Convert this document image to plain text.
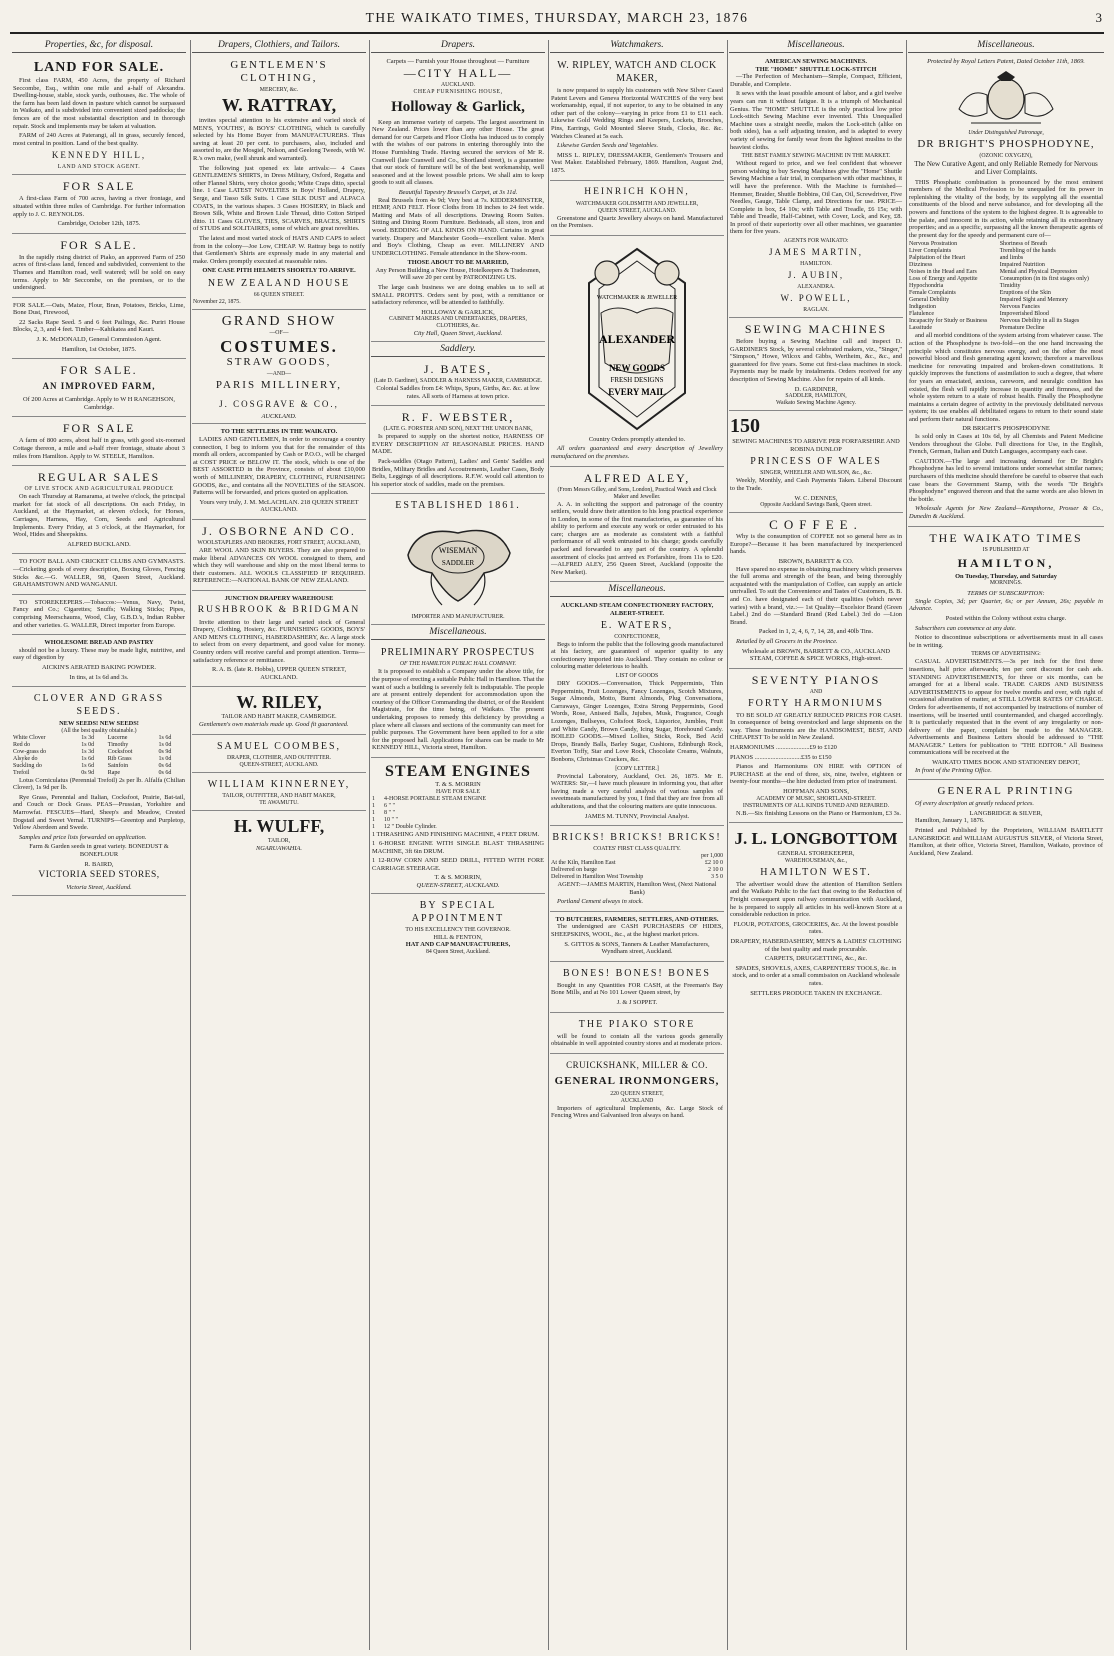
THE WAIKATO TIMES, THURSDAY, MARCH 23, 1876	3
Properties, &c, for disposal.
LAND FOR SALE.

First class FARM, 450 Acres, the property of Richard Seccombe, Esq., within one mile and a-half of Alexandra. Dwelling-house, stable, stock yards, outhouses, &c. The whole of the farm has been laid down in pasture which cannot be surpassed in Waikato, and is subdivided into convenient sized paddocks; the fences are of the most substantial description and in thorough repair. Stock and implements may be taken at valuation.

FARM of 240 Acres at Paterangi, all in grass, securely fenced, most central in position. Land of the best quality.

KENNEDY HILL,
LAND AND STOCK AGENT.
FOR SALE

A first-class Farm of 700 acres, having a river frontage, and situated within three miles of Cambridge. For further information apply to J. C. REYNOLDS.

Cambridge, October 12th, 1875.

FOR SALE.

In the rapidly rising district of Piako, an approved Farm of 250 acres of first-class land, fenced and subdivided, convenient to the Thames and Hamilton road, well watered; will be sold on easy terms. Apply to Mr Seccombe, on the premises, or to the undersigned.

FOR SALE.—Oats, Maize, Flour, Bran, Potatoes, Bricks, Lime, Bone Dust, Firewood,

22 Sacks Rape Seed. 5 and 6 feet Pailings, &c. Puriri House Blocks, 2, 3, and 4 feet. Timber—Kahikatea and Kauri.

J. K. McDONALD, General Commission Agent.

Hamilton, 1st October, 1875.

FOR SALE.
AN IMPROVED FARM,

Of 200 Acres at Cambridge. Apply to W H RANGEHSON, Cambridge.

FOR SALE

A farm of 800 acres, about half in grass, with good six-roomed Cottage thereon, a mile and a-half river frontage, situate about 3 miles from Hamilton. Apply to W. STEELE, Hamilton.

REGULAR SALES
OF LIVE STOCK AND AGRICULTURAL PRODUCE

On each Thursday at Ramarama, at twelve o'clock, the principal market for fat stock of all descriptions. On each Friday, in Auckland, at the Haymarket, at eleven o'clock, for Horses, Carriages, Harness, Hay, Corn, Seeds and Agricultural Implements. Every Friday, at 3 o'clock, at the Haymarket, for Wool, Hides and Sheepskins.

ALFRED BUCKLAND.

TO FOOT BALL AND CRICKET CLUBS AND GYMNASTS.—Cricketing goods of every description, Boxing Gloves, Fencing Sticks &c.—G. WALLER, 98, Queen Street, Auckland. GRAHAMSTOWN AND WANGANUI.

TO STOREKEEPERS.—Tobaccos:—Venus, Navy, Twist, Fancy and Co.; Cigarettes; Snuffs; Walking Sticks; Pipes, comprising Meerschaums, Wood, Clay, G.B.D.'s, Indian Rubber and other varieties. G. WALLER, Direct importer from Europe.

WHOLESOME BREAD AND PASTRY

should not be a luxury. These may be made light, nutritive, and easy of digestion by

AICKIN'S AERATED BAKING POWDER.

In tins, at 1s 6d and 3s.

CLOVER AND GRASS SEEDS.
NEW SEEDS! NEW SEEDS!
(All the best quality obtainable.)
White Clover	1s 3d	Lucerne	1s 6d
Red do	1s 0d	Timothy	1s 0d
Cow-grass do	1s 3d	Cocksfoot	0s 9d
Alsyke do	1s 6d	Rib Grass	1s 0d
Suckling do	1s 6d	Sainfoin	0s 6d
Trefoil	0s 9d	Rape	0s 6d

Lotus Corniculatus (Perennial Trefoil) 2s per lb. Alfalfa (Chilian Clover), 1s 9d per lb.

Rye Grass, Perennial and Italian, Cocksfoot, Prairie, Bat-tail, and Couch or Dock Grass. PEAS—Prussian, Yorkshire and Marrowfat. FESCUES—Hard, Sheep's and Meadow, Crested Dogstail and Sweet Vernal. TURNIPS—Greentop and Purpletop, Yellow Aberdeen and Swede.

Samples and price lists forwarded on application.

Farm & Garden seeds in great variety. BONEDUST & BONEFLOUR

R. BAIRD,
VICTORIA SEED STORES,
Victoria Street, Auckland.
Drapers, Clothiers, and Tailors.
GENTLEMEN'S CLOTHING,
MERCERY, &c.
W. RATTRAY,

invites special attention to his extensive and varied stock of MEN'S, YOUTHS', & BOYS' CLOTHING, which is carefully selected by his Home Buyer from MANUFACTURERS. Thus saving at least 20 per cent. to purchasers, also, included and assorted to, are the Mosgiel, Nelson, and Geelong Tweeds, with W. R.'s own make, (well shrunk and warranted).

The following just opened ex late arrivals:— 4 Cases GENTLEMEN'S SHIRTS, in Dress Military, Oxford, Regatta and other Flannel Shirts, very choice goods; White Craps ditto, special line. 1 Case LATEST NOVELTIES in Boys' Holland, Drapery, Serge, and Tasso Silk Suits. 1 Case SILK DUST and ALPACA COATS, in the various shapes. 3 Cases HOSIERY, in Black and Brown Silk, White and Brown Lisle Thread, ditto Cotton Striped ditto. 11 Cases GLOVES, TIES, SCARVES, BRACES, SHIRTS of STUDS and SOLITAIRES, some of which are great novelties.

The latest and most varied stock of HATS AND CAPS to select from in the colony—Joe Low, CHEAP. W. Rattray begs to notify that Gentlemen's Shirts are expressly made in any material and make. Orders promptly executed at reasonable rates.

ONE CASE PITH HELMETS SHORTLY TO ARRIVE.

NEW ZEALAND HOUSE
66 QUEEN STREET.
November 22, 1875.
GRAND SHOW
—OF—
COSTUMES.
STRAW GOODS,
—AND—
PARIS MILLINERY,
J. COSGRAVE & CO.,
AUCKLAND.
TO THE SETTLERS IN THE WAIKATO.

LADIES AND GENTLEMEN, In order to encourage a country connection, I beg to inform you that for the remainder of this month all orders, accompanied by Cash or P.O.O., will be charged at COST PRICE or BELOW IT. The stock, which is one of the BEST ASSORTED in the Province, consists of about £10,000 worth of MILLINERY, DRAPERY, CLOTHING, FURNISHING GOODS, &c., and contains all the NOVELTIES of the SEASON. Patterns will be forwarded, and prices quoted on application.

Yours very truly, J. M. McLACHLAN. 218 QUEEN STREET AUCKLAND.

J. OSBORNE AND CO.
WOOLSTAPLERS AND BROKERS, FORT STREET, AUCKLAND,

ARE WOOL AND SKIN BUYERS. They are also prepared to make liberal ADVANCES ON WOOL consigned to them, and which they will warehouse and ship on the most liberal terms to their customers. ALL WOOLS CLASSIFIED IF REQUIRED. REFERENCE:—NATIONAL BANK OF NEW ZEALAND.

JUNCTION DRAPERY WAREHOUSE
RUSHBROOK & BRIDGMAN

Invite attention to their large and varied stock of General Drapery, Clothing, Hosiery, &c. FURNISHING GOODS, BOYS' AND MEN'S CLOTHING, HABERDASHERY, &c. A large stock to select from on every department, and good value for money. Country orders will receive careful and prompt attention. Terms—satisfactory reference or remittance.

R. A. B. (late R. Hobbs), UPPER QUEEN STREET, AUCKLAND.

W. RILEY,
TAILOR AND HABIT MAKER, CAMBRIDGE.

Gentlemen's own materials made up. Good fit guaranteed.

SAMUEL COOMBES,
DRAPER, CLOTHIER, AND OUTFITTER.
QUEEN-STREET, AUCKLAND.
WILLIAM KINNERNEY,
TAILOR, OUTFITTER, AND HABIT MAKER,
TE AWAMUTU.
H. WULFF,
TAILOR,
NGARUAWAHIA.
Drapers.
Carpets — Furnish your House throughout — Furniture
—CITY HALL—
AUCKLAND.
CHEAP FURNISHING HOUSE,
Holloway & Garlick,

Keep an immense variety of carpets. The largest assortment in New Zealand. Prices lower than any other House. The great demand for our Carpets and Floor Cloths has induced us to comply with the wishes of our patrons in entering thoroughly into the House Furnishing Trade. Having secured the services of Mr R. Cranwell (late Cranwell and Co., Shortland street), is a guarantee that our stock of furniture will be of the best workmanship, well seasoned and at the lowest possible prices. We shall aim to keep goods to suit all classes.

Beautiful Tapestry Brussel's Carpet, at 3s 11d.

Real Brussels from 4s 9d; Very best at 7s. KIDDERMINSTER, HEMP, AND FELT. Floor Cloths from 18 inches to 24 feet wide. Matting and Mats of all descriptions. Drawing Room Suites. Sitting and Dining Room Furniture. Bedsteads, all sizes, iron and wood. BEDDING OF ALL KINDS ON HAND. Curtains in great variety. Drapery and Manchester Goods—excellent value. Men's and Boy's Clothing, Cheap as ever. MILLINERY AND UNDERCLOTHING. Female attendance in the Show-room.

THOSE ABOUT TO BE MARRIED,

Any Person Building a New House, Hotelkeepers & Tradesmen, Will save 20 per cent by PATRONIZING US.

The large cash business we are doing enables us to sell at SMALL PROFITS. Orders sent by post, with a remittance or satisfactory reference, will be attended to faithfully.

HOLLOWAY & GARLICK,
CABINET MAKERS AND UNDERTAKERS, DRAPERS, CLOTHIERS, &c.
City Hall, Queen Street, Auckland.
Saddlery.
J. BATES,
(Late D. Gardiner), SADDLER & HARNESS MAKER, CAMBRIDGE.

Colonial Saddles from £4: Whips, Spurs, Girths, &c. &c. at low rates. All sorts of Harness at town price.

R. F. WEBSTER,
(LATE G. FORSTER AND SON), NEXT THE UNION BANK,

Is prepared to supply on the shortest notice, HARNESS OF EVERY DESCRIPTION AT REASONABLE PRICES. HAND MADE.

Pack-saddles (Otago Pattern), Ladies' and Gents' Saddles and Bridles, Military Bridles and Accoutrements, Leather Cases, Body Belts, Leggings of all descriptions. R.F.W. would call attention to his superior stock of saddles, made on the premises.

ESTABLISHED 1861.
WISEMAN
SADDLER
IMPORTER AND MANUFACTURER.
Miscellaneous.
PRELIMINARY PROSPECTUS
OF THE HAMILTON PUBLIC HALL COMPANY.

It is proposed to establish a Company under the above title, for the purpose of erecting a suitable Public Hall in Hamilton. That the want of such a building is severely felt is indisputable. The people are at present entirely dependent for accommodation upon the courtesy of the Officer Commanding the district, or of the Resident Magistrate, for the time being, of Waikato. The present undertaking proposes to remedy this deficiency by providing a place where all classes and sections of the community can meet for public purposes. The Government have been applied to for a site for the proposed hall. Applications for shares can be made to Mr KENNEDY HILL, Victoria street, Hamilton.

STEAM ENGINES
T. & S. MORRIN
HAVE FOR SALE
1	4-HORSE PORTABLE STEAM ENGINE
1	6 " "
1	8 " "
1	10 " "
1	12 " Double Cylinder.

1 THRASHING AND FINISHING MACHINE, 4 FEET DRUM.

1 6-HORSE ENGINE WITH SINGLE BLAST THRASHING MACHINE, 3ft 6in DRUM.

1 12-ROW CORN AND SEED DRILL, FITTED WITH FORE CARRIAGE STEERAGE.

T. & S. MORRIN,
QUEEN-STREET, AUCKLAND.
BY SPECIAL APPOINTMENT
TO HIS EXCELLENCY THE GOVERNOR.
HILL & FENTON,
HAT AND CAP MANUFACTURERS,
84 Queen Street, Auckland.
Watchmakers.
W. RIPLEY, WATCH AND CLOCK MAKER,

is now prepared to supply his customers with New Silver Cased Patent Levers and Geneva Horizontal WATCHES of the very best workmanship, equal, if not superior, to any to be obtained in any other part of the colony—varying in price from £1 to £11 each. Likewise Gold Wedding Rings and Keepers, Lockets, Brooches, Pins, Earrings, Gold Mounted Sleeve Studs, Clocks, &c. &c. Watches Cleaned at 5s each.

Likewise Garden Seeds and Vegetables.

MISS L. RIPLEY, DRESSMAKER, Gentlemen's Trousers and Vest Maker. Established February, 1869. Hamilton, August 2nd, 1875.

HEINRICH KOHN,
WATCHMAKER GOLDSMITH AND JEWELLER,
QUEEN STREET, AUCKLAND.

Greenstone and Quartz Jewellery always on hand. Manufactured on the Premises.

ALEXANDER
NEW GOODS
FRESH DESIGNS
EVERY MAIL
WATCHMAKER & JEWELLER

Country Orders promptly attended to.

All orders guaranteed and every description of Jewellery manufactured on the premises.

ALFRED ALEY,
(From Messrs Gilley, and Sons, London), Practical Watch and Clock Maker and Jeweller.

A. A. in soliciting the support and patronage of the country settlers, would draw their attention to his long practical experience in London, in some of the first manufactories, as guarantee of his ability to perform and execute any work or order entrusted to his care; charges are as moderate as consistent with a faithful performance of all work entrusted to his charge; goods carefully packed and forwarded to any part of the country. A splendid assortment of clocks just arrived ex Forfarshire, from 11s to £20.—ALFRED ALEY, 256 Queen Street, Auckland (opposite the New Market).

Miscellaneous.
AUCKLAND STEAM CONFECTIONERY FACTORY, ALBERT-STREET.
E. WATERS,
CONFECTIONER,

Begs to inform the public that the following goods manufactured at his factory, are guaranteed of superior quality to any confectionery imported into Auckland. They contain no colour or colouring matter deleterious to health.

LIST OF GOODS

DRY GOODS.—Conversation, Thick Peppermints, Thin Peppermints, Fruit Lozenges, Fancy Lozenges, Scotch Mixtures, Sugar Almonds, Motto, Burnt Almonds, Plug Conversations, Carraways, Ginger Lozenges, Extra Strong Peppermints, Good Words, Rose, Aniseed Balls, Jujubes, Musk, Fragrance, Cough Lozenges, Bullseyes, Coltsfoot Rock, Liquorice, Jumbles, Fruit and White Candy, Brown Candy, Icing Sugar, Horehound Candy. BOILED GOODS.—Mixed Lollies, Sticks, Rock, Bed Acid Drops, Brandy Balls, Barley Sugar, Cushions, Edinburgh Rock, Everton Toffy, Star and Love Rock, Chocolate Creams, Walnuts, Bonbons, Christmas Crackers, &c.

[COPY LETTER.]

Provincial Laboratory, Auckland, Oct. 26, 1875. Mr E. WATERS: Sir,—I have much pleasure in informing you, that after having made a very careful analysis of various samples of sweetmeats manufactured by you, I find that they are free from all adulterations, and that the colouring matters are quite innocuous.

JAMES M. TUNNY, Provincial Analyst.

BRICKS! BRICKS! BRICKS!
COATES' FIRST CLASS QUALITY.
per 1,000
At the Kiln, Hamilton East	£2 10 0
Delivered on barge	2 10 0
Delivered in Hamilton West Township	3 5 0

AGENT:—JAMES MARTIN, Hamilton West, (Next National Bank)

Portland Cement always in stock.

TO BUTCHERS, FARMERS, SETTLERS, AND OTHERS.

The undersigned are CASH PURCHASERS OF HIDES, SHEEPSKINS, WOOL, &c., at the highest market prices.

S. GITTOS & SONS, Tanners & Leather Manufacturers, Wyndham street, Auckland.

BONES! BONES! BONES

Bought in any Quantities FOR CASH, at the Freeman's Bay Bone Mills, and at No 101 Lower Queen street, by

J. & J SOPPET.

THE PIAKO STORE

will be found to contain all the various goods generally obtainable in well appointed country stores and at moderate prices.

CRUICKSHANK, MILLER & CO.
GENERAL IRONMONGERS,
220 QUEEN STREET,
AUCKLAND

Importers of agricultural Implements, &c. Large Stock of Fencing Wires and Galvanised Iron always on hand.

Miscellaneous.
AMERICAN SEWING MACHINES.
THE "HOME" SHUTTLE LOCK-STITCH

—The Perfection of Mechanism—Simple, Compact, Efficient, Durable, and Complete.

It sews with the least possible amount of labor, and a girl twelve years can run it without fatigue. It is a triumph of Mechanical Genius. The "HOME" SHUTTLE is the only practical low price Lock-stitch Sewing Machine ever invented. This Unequalled Machine uses a straight needle, makes the Lock-stitch (alike on both sides), has a self adjusting tension, and is adapted to every variety of sewing for family wear from the lightest muslins to the heaviest cloths.

THE BEST FAMILY SEWING MACHINE IN THE MARKET.

Without regard to price, and we feel confident that whoever person wishing to buy Sewing Machines give the "Home" Shuttle Sewing Machine a fair trial, in comparison with other machines, it will have the preference. With the Machine is furnished—Hemmer, Braider, Shuttle Bobbins, Oil Can, Oil, Screwdriver, Five Needles, Gauge, Table Clamp, and Directions for use. PRICE—Complete in box, £4 10s; with Table and Treadle, £6 15s; with Table and Treadle, Half-Cabinet, with Cover, Lock, and Key, £8. In proof of their superiority over all other machines, we guarantee them for five years.

AGENTS FOR WAIKATO:
JAMES MARTIN,
HAMILTON.
J. AUBIN,
ALEXANDRA.
W. POWELL,
RAGLAN.
SEWING MACHINES

Before buying a Sewing Machine call and inspect D. GARDINER'S Stock, by several celebrated makers, viz., "Singer," "Simpson," Howe, Wilcox and Gibbs, Wertheim, &c., &c., and guaranteed for five years. Some cut first-class machines in stock. Payments may be made by instalments. Orders received for any description of Sewing Machine. Also for repairs of all kinds.

D. GARDINER,
SADDLER, HAMILTON,
Waikato Sewing Machine Agency.
150

SEWING MACHINES TO ARRIVE PER FORFARSHIRE AND ROBINA DUNLOP

PRINCESS OF WALES
SINGER, WHEELER AND WILSON, &c., &c.

Weekly, Monthly, and Cash Payments Taken. Liberal Discount to the Trade.

W. C. DENNES,
Opposite Auckland Savings Bank, Queen street.
COFFEE.

Why is the consumption of COFFEE not so general here as in Europe?—Because it has been manufactured by inexperienced hands.

BROWN, BARRETT & CO.

Have spared no expense in obtaining machinery which preserves the full aroma and strength of the bean, and being thoroughly acquainted with the manipulation of Coffee, can supply an article unrivalled. To suit the Convenience and Tastes of Customers, B. B. and Co. have designated each of their qualities (which never varies) with a brand, viz.:— 1st Quality—Excelsior Brand (Green Label.) 2nd do —Standard Brand (Red Label.) 3rd do —Lion Brand.

Packed in 1, 2, 4, 6, 7, 14, 28, and 40lb Tins.

Retailed by all Grocers in the Province.

Wholesale at BROWN, BARRETT & CO., AUCKLAND STEAM, COFFEE & SPICE WORKS, High-street.

SEVENTY PIANOS
AND
FORTY HARMONIUMS

TO BE SOLD AT GREATLY REDUCED PRICES FOR CASH. In consequence of being overstocked and large shipments on the way. These Instruments are the HANDSOMEST, BEST, AND CHEAPEST To be sold in New Zealand.

HARMONIUMS .....................£9 to £120

PIANOS .............................£35 to £150

Pianos and Harmoniums ON HIRE with OPTION of PURCHASE at the end of three, six, nine, twelve, eighteen or twenty-four months—the hire deducted from price of instrument.

HOFFMAN AND SONS,
ACADEMY OF MUSIC, SHORTLAND-STREET.
INSTRUMENTS OF ALL KINDS TUNED AND REPAIRED.

N.B.—Six finishing Lessons on the Piano or Harmonium, £3 3s.

J. L. LONGBOTTOM
GENERAL STOREKEEPER,
WAREHOUSEMAN, &c.,
HAMILTON WEST.

The advertiser would draw the attention of Hamilton Settlers and the Waikato Public to the fact that owing to the Reduction of Freight consequent upon railway communication with Auckland, he is prepared to supply all articles in his well-known Store at a considerable reduction in price.

FLOUR, POTATOES, GROCERIES, &c. At the lowest possible rates.

DRAPERY, HABERDASHERY, MEN'S & LADIES' CLOTHING of the best quality and made procurable.

CARPETS, DRUGGETTING, &c., &c.

SPADES, SHOVELS, AXES, CARPENTERS' TOOLS, &c. in stock, and to order at a small commission on Auckland wholesale rates.

SETTLERS PRODUCE TAKEN IN EXCHANGE.

Miscellaneous.
Protected by Royal Letters Patent, Dated October 11th, 1869.
Under Distinguished Patronage,
DR BRIGHT'S PHOSPHODYNE,
(OZONIC OXYGEN),

The New Curative Agent, and only Reliable Remedy for Nervous and Liver Complaints.

THIS Phosphatic combination is pronounced by the most eminent members of the Medical Profession to be unequalled for its power in replenishing the vitality of the body, by its supplying all the essential constituents of the blood and nerve substance, and for developing all the powers and functions of the system to the highest degree. It is agreeable to the palate, and innocent in its action, while retaining all its extraordinary properties; and as a specific, surpassing all the known therapeutic agents of the present day for the speedy and permanent cure of—

Nervous Prostration	Shortness of Breath
Liver Complaints	Trembling of the hands
Palpitation of the Heart	and limbs
Dizziness	Impaired Nutrition
Noises in the Head and Ears	Mental and Physical Depression
Loss of Energy and Appetite	Consumption (in its first stages only)
Hypochondria	Timidity
Female Complaints	Eruptions of the Skin
General Debility	Impaired Sight and Memory
Indigestion	Nervous Fancies
Flatulence	Impoverished Blood
Incapacity for Study or Business	Nervous Debility in all its Stages
Lassitude	Premature Decline

and all morbid conditions of the system arising from whatever cause. The action of the Phosphodyne is two-fold—on the one hand increasing the principle which constitutes nervous energy, and on the other the most powerful blood and flesh generating agent known; therefore a marvellous medicine for renovating impaired and broken-down constitutions. It quickly improves the functions of assimilation to such a degree, that where for years an emaciated, anxious, careworn, and neuralgic condition has existed, the flesh will rapidly increase in quantity and firmness, and the whole system return to a state of robust health. Finally the Phosphodyne maintains a certain degree of activity in the previously debilitated nervous system; its use enables all debilitated organs to return to their sound state and perform their natural functions.

DR BRIGHT'S PHOSPHODYNE

Is sold only in Cases at 10s 6d, by all Chemists and Patent Medicine Vendors throughout the Globe. Full directions for Use, in the English, French, German, Italian and Dutch Languages, accompany each case.

CAUTION.—The large and increasing demand for Dr Bright's Phosphodyne has led to several imitations under somewhat similar names; purchasers of this medicine should therefore be careful to observe that each case bears the Government Stamp, with the words "Dr Bright's Phosphodyne" engraved thereon and that the same words are also blown in the bottle.

Wholesale Agents for New Zealand—Kempthorne, Prosser & Co., Dunedin & Auckland.

THE WAIKATO TIMES
IS PUBLISHED AT
HAMILTON,
On Tuesday, Thursday, and Saturday
MORNINGS.
TERMS OF SUBSCRIPTION:

Single Copies, 3d; per Quarter, 6s; or per Annum, 26s; payable in Advance.

Posted within the Colony without extra charge.

Subscribers can commence at any date.

Notice to discontinue subscriptions or advertisements must in all cases be in writing.

TERMS OF ADVERTISING:

CASUAL ADVERTISEMENTS.—3s per inch for the first three insertions, half price afterwards; ten per cent discount for cash ads. STANDING ADVERTISEMENTS, for three or six months, can be arranged for at a liberal scale. TRADE CARDS AND BUSINESS ADVERTISEMENTS to appear for twelve months and over, with right of occasional alteration of matter, at STILL LOWER RATES OF CHARGE. Orders for advertisements, if not accompanied by instructions of number of insertions, will be inserted until countermanded, and charged accordingly. It is particularly requested that in the event of any irregularity or non-delivery of the paper, complaint be made to the MANAGER. Advertisements and Business Letters should be addressed to "THE MANAGER." Letters for publication to "THE EDITOR." All Business communications will be received at the

WAIKATO TIMES BOOK AND STATIONERY DEPOT,

In front of the Printing Office.

GENERAL PRINTING

Of every description at greatly reduced prices.

LANGBRIDGE & SILVER,

Hamilton, January 1, 1876.

Printed and Published by the Proprietors, WILLIAM BARTLETT LANGBRIDGE and WILLIAM AUGUSTUS SILVER, of Victoria Street, Hamilton, at their office, Victoria Street, Hamilton, Waikato, province of Auckland, New Zealand.
